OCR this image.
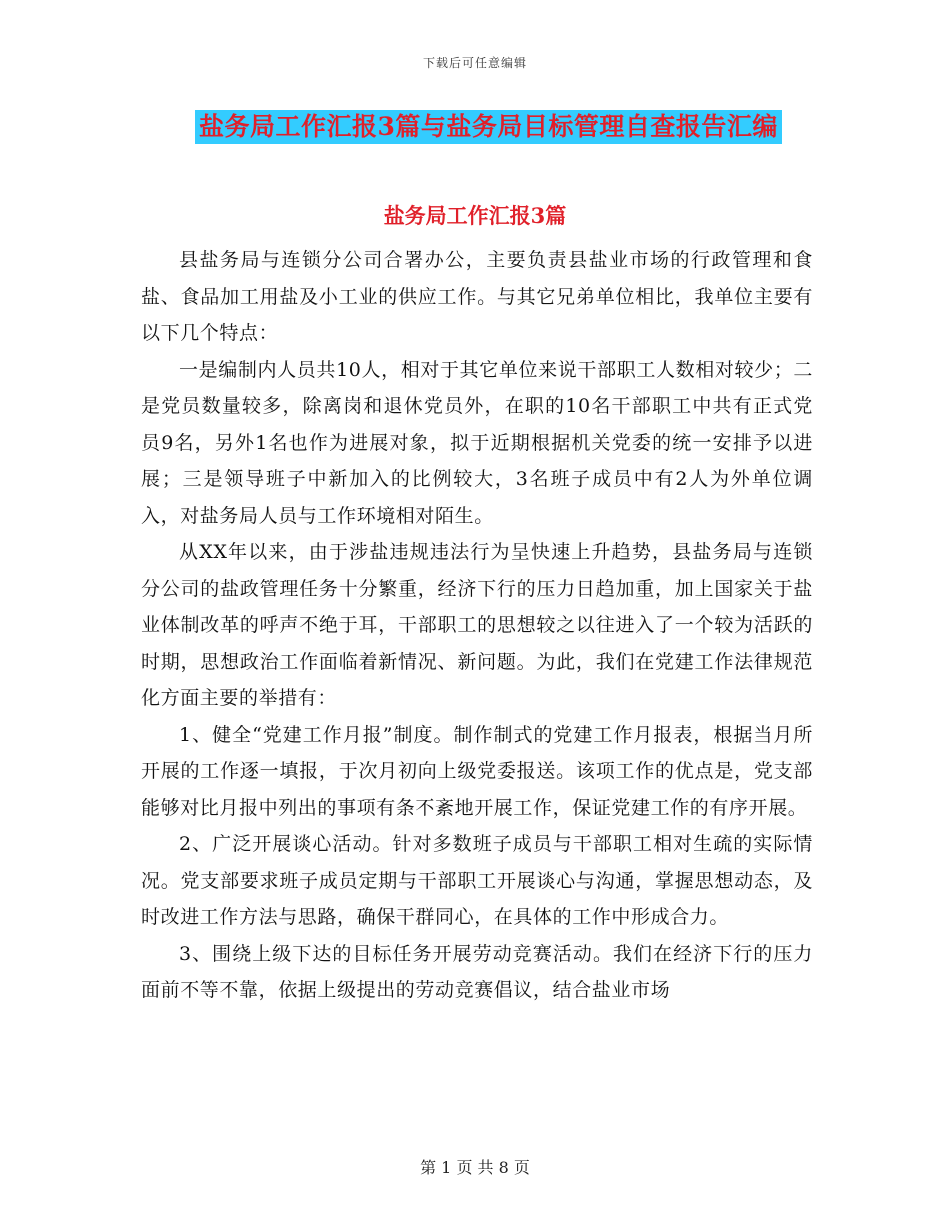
下载后可任意编辑
盐务局工作汇报3篇与盐务局目标管理自查报告汇编
盐务局工作汇报3篇

县盐务局与连锁分公司合署办公，主要负责县盐业市场的行政管理和食盐、食品加工用盐及小工业的供应工作。与其它兄弟单位相比，我单位主要有以下几个特点：

一是编制内人员共10人，相对于其它单位来说干部职工人数相对较少；二是党员数量较多，除离岗和退休党员外，在职的10名干部职工中共有正式党员9名，另外1名也作为进展对象，拟于近期根据机关党委的统一安排予以进展；三是领导班子中新加入的比例较大，3名班子成员中有2人为外单位调入，对盐务局人员与工作环境相对陌生。

从XX年以来，由于涉盐违规违法行为呈快速上升趋势，县盐务局与连锁分公司的盐政管理任务十分繁重，经济下行的压力日趋加重，加上国家关于盐业体制改革的呼声不绝于耳，干部职工的思想较之以往进入了一个较为活跃的时期，思想政治工作面临着新情况、新问题。为此，我们在党建工作法律规范化方面主要的举措有：

1、健全“党建工作月报”制度。制作制式的党建工作月报表，根据当月所开展的工作逐一填报，于次月初向上级党委报送。该项工作的优点是，党支部能够对比月报中列出的事项有条不紊地开展工作，保证党建工作的有序开展。

2、广泛开展谈心活动。针对多数班子成员与干部职工相对生疏的实际情况。党支部要求班子成员定期与干部职工开展谈心与沟通，掌握思想动态，及时改进工作方法与思路，确保干群同心，在具体的工作中形成合力。

3、围绕上级下达的目标任务开展劳动竞赛活动。我们在经济下行的压力面前不等不靠，依据上级提出的劳动竞赛倡议，结合盐业市场

第 1 页 共 8 页
